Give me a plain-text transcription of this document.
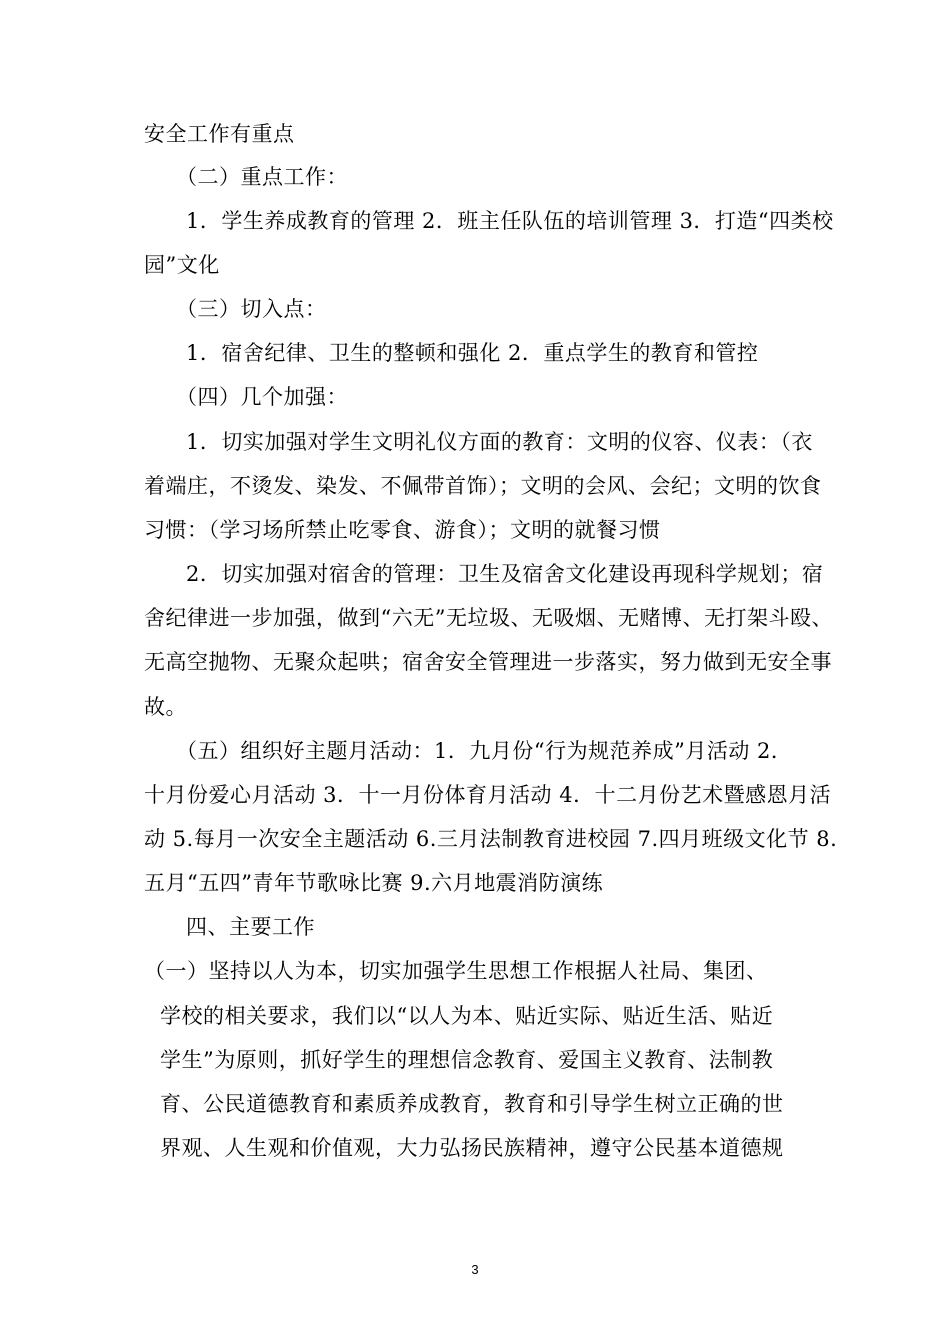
安全工作有重点
（二）重点工作：
1．学生养成教育的管理 2．班主任队伍的培训管理 3．打造“四类校
园”文化
（三）切入点：
1．宿舍纪律、卫生的整顿和强化 2．重点学生的教育和管控
（四）几个加强：
1．切实加强对学生文明礼仪方面的教育：文明的仪容、仪表：（衣
着端庄，不烫发、染发、不佩带首饰）；文明的会风、会纪；文明的饮食
习惯：（学习场所禁止吃零食、游食）；文明的就餐习惯
2．切实加强对宿舍的管理：卫生及宿舍文化建设再现科学规划；宿
舍纪律进一步加强，做到“六无”无垃圾、无吸烟、无赌博、无打架斗殴、
无高空抛物、无聚众起哄；宿舍安全管理进一步落实，努力做到无安全事
故。
（五）组织好主题月活动：1．九月份“行为规范养成”月活动 2．
十月份爱心月活动 3．十一月份体育月活动 4．十二月份艺术暨感恩月活
动 5.每月一次安全主题活动 6.三月法制教育进校园 7.四月班级文化节 8.
五月“五四”青年节歌咏比赛 9.六月地震消防演练
四、主要工作
（一）坚持以人为本，切实加强学生思想工作根据人社局、集团、
学校的相关要求，我们以“以人为本、贴近实际、贴近生活、贴近
学生”为原则，抓好学生的理想信念教育、爱国主义教育、法制教
育、公民道德教育和素质养成教育，教育和引导学生树立正确的世
界观、人生观和价值观，大力弘扬民族精神，遵守公民基本道德规
3
